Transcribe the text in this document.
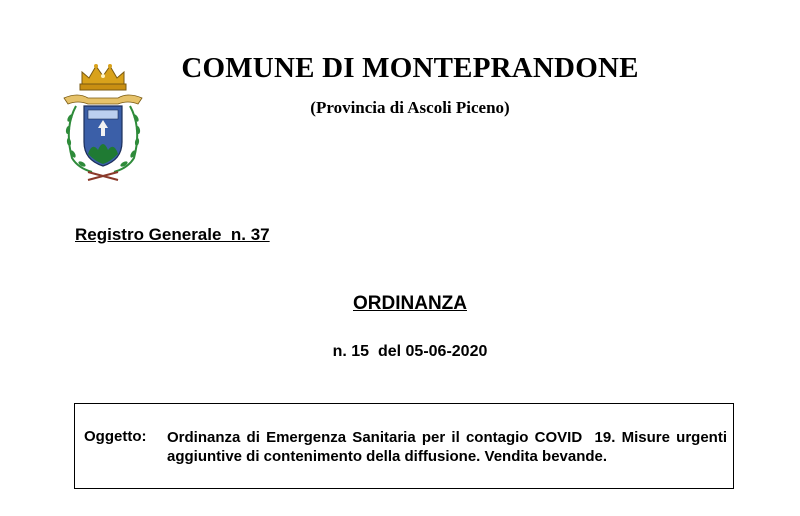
COMUNE DI MONTEPRANDONE
(Provincia di Ascoli Piceno)
Registro Generale  n. 37
ORDINANZA
n. 15  del 05-06-2020
Oggetto: Ordinanza di Emergenza Sanitaria per il contagio COVID  19. Misure urgenti aggiuntive di contenimento della diffusione. Vendita bevande.
